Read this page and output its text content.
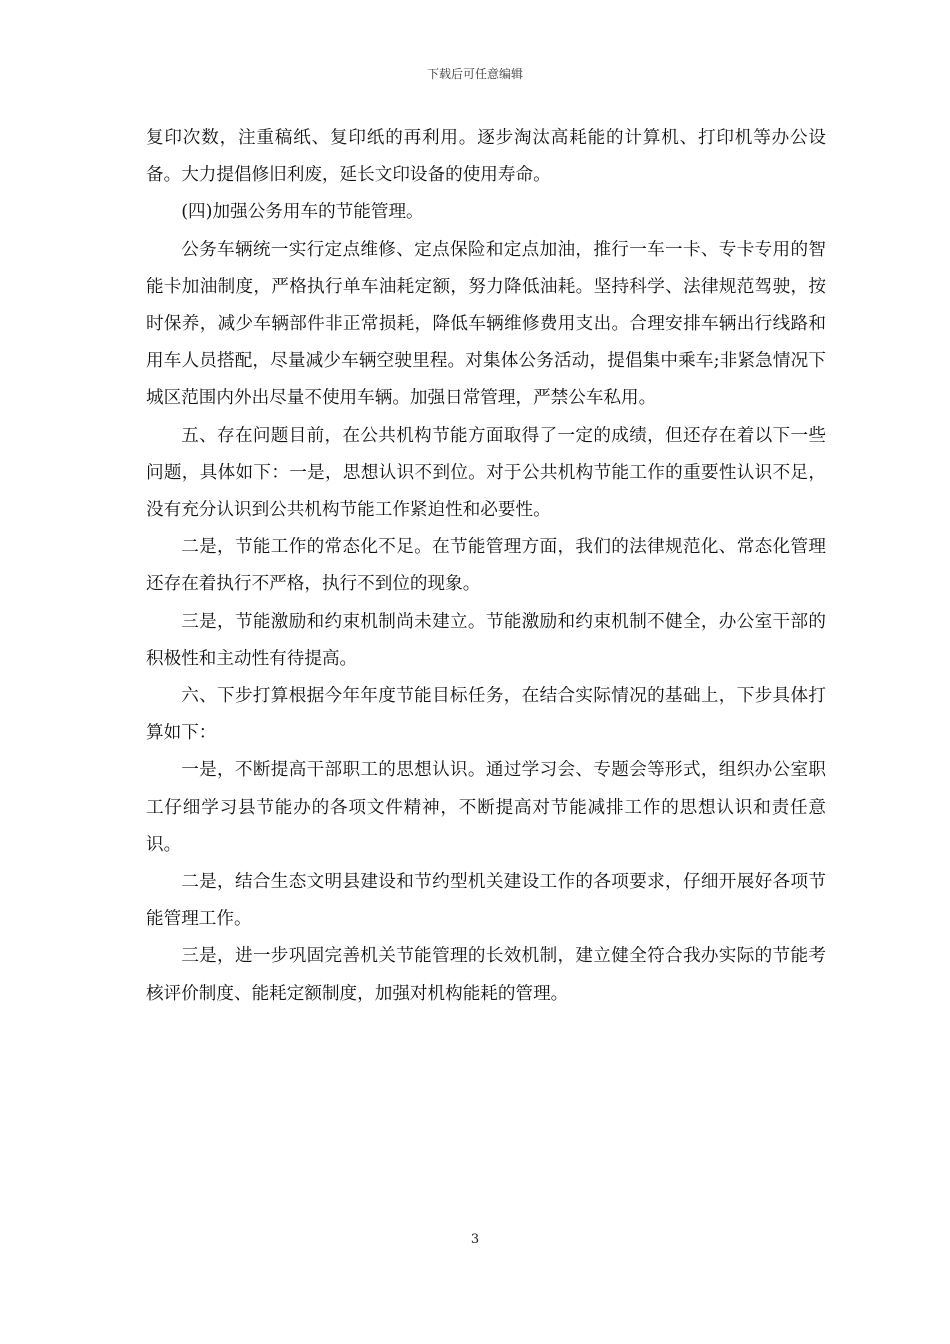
下载后可任意编辑

复印次数，注重稿纸、复印纸的再利用。逐步淘汰高耗能的计算机、打印机等办公设备。大力提倡修旧利废，延长文印设备的使用寿命。

(四)加强公务用车的节能管理。

公务车辆统一实行定点维修、定点保险和定点加油，推行一车一卡、专卡专用的智能卡加油制度，严格执行单车油耗定额，努力降低油耗。坚持科学、法律规范驾驶，按时保养，减少车辆部件非正常损耗，降低车辆维修费用支出。合理安排车辆出行线路和用车人员搭配，尽量减少车辆空驶里程。对集体公务活动，提倡集中乘车;非紧急情况下城区范围内外出尽量不使用车辆。加强日常管理，严禁公车私用。

五、存在问题目前，在公共机构节能方面取得了一定的成绩，但还存在着以下一些问题，具体如下：一是，思想认识不到位。对于公共机构节能工作的重要性认识不足，没有充分认识到公共机构节能工作紧迫性和必要性。

二是，节能工作的常态化不足。在节能管理方面，我们的法律规范化、常态化管理还存在着执行不严格，执行不到位的现象。

三是，节能激励和约束机制尚未建立。节能激励和约束机制不健全，办公室干部的积极性和主动性有待提高。

六、下步打算根据今年年度节能目标任务，在结合实际情况的基础上，下步具体打算如下：

一是，不断提高干部职工的思想认识。通过学习会、专题会等形式，组织办公室职工仔细学习县节能办的各项文件精神，不断提高对节能减排工作的思想认识和责任意识。

二是，结合生态文明县建设和节约型机关建设工作的各项要求，仔细开展好各项节能管理工作。

三是，进一步巩固完善机关节能管理的长效机制，建立健全符合我办实际的节能考核评价制度、能耗定额制度，加强对机构能耗的管理。

3
